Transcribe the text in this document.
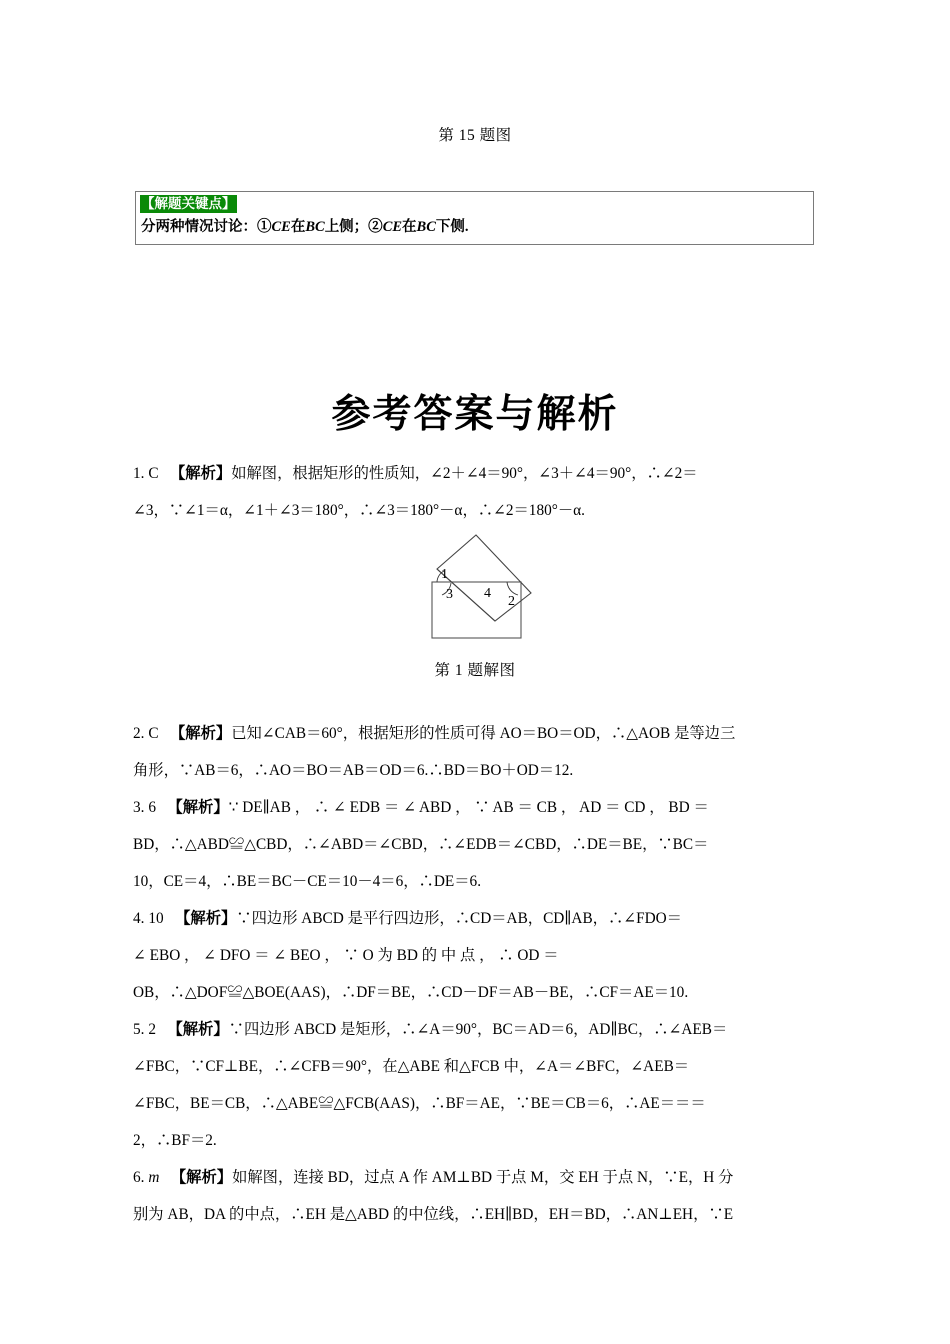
第 15 题图
【解题关键点】
分两种情况讨论：①CE在BC上侧；②CE在BC下侧.
参考答案与解析
1. C 【解析】如解图，根据矩形的性质知，∠2＋∠4＝90°，∠3＋∠4＝90°，∴∠2＝
∠3，∵∠1＝α，∠1＋∠3＝180°，∴∠3＝180°－α，∴∠2＝180°－α.
2. C 【解析】已知∠CAB＝60°，根据矩形的性质可得 AO＝BO＝OD，∴△AOB 是等边三
角形，∵AB＝6，∴AO＝BO＝AB＝OD＝6.∴BD＝BO＋OD＝12.
3. 6 【解析】∵ DE∥AB ， ∴ ∠ EDB ＝ ∠ ABD ， ∵ AB ＝ CB ， AD ＝ CD ， BD ＝
BD，∴△ABD≌△CBD，∴∠ABD＝∠CBD，∴∠EDB＝∠CBD，∴DE＝BE，∵BC＝
10，CE＝4，∴BE＝BC－CE＝10－4＝6，∴DE＝6.
4. 10 【解析】∵四边形 ABCD 是平行四边形，∴CD＝AB，CD∥AB，∴∠FDO＝
∠ EBO ， ∠ DFO ＝ ∠ BEO ， ∵ O 为 BD 的 中 点 ， ∴ OD ＝
OB，∴△DOF≌△BOE(AAS)，∴DF＝BE，∴CD－DF＝AB－BE，∴CF＝AE＝10.
5. 2 【解析】∵四边形 ABCD 是矩形，∴∠A＝90°，BC＝AD＝6，AD∥BC，∴∠AEB＝
∠FBC，∵CF⊥BE，∴∠CFB＝90°，在△ABE 和△FCB 中，∠A＝∠BFC，∠AEB＝
∠FBC，BE＝CB，∴△ABE≌△FCB(AAS)，∴BF＝AE，∵BE＝CB＝6，∴AE＝＝＝
2，∴BF＝2.
6. m 【解析】如解图，连接 BD，过点 A 作 AM⊥BD 于点 M，交 EH 于点 N，∵E，H 分
别为 AB，DA 的中点，∴EH 是△ABD 的中位线，∴EH∥BD，EH＝BD，∴AN⊥EH，∵E
1
3 4
2
第 1 题解图
